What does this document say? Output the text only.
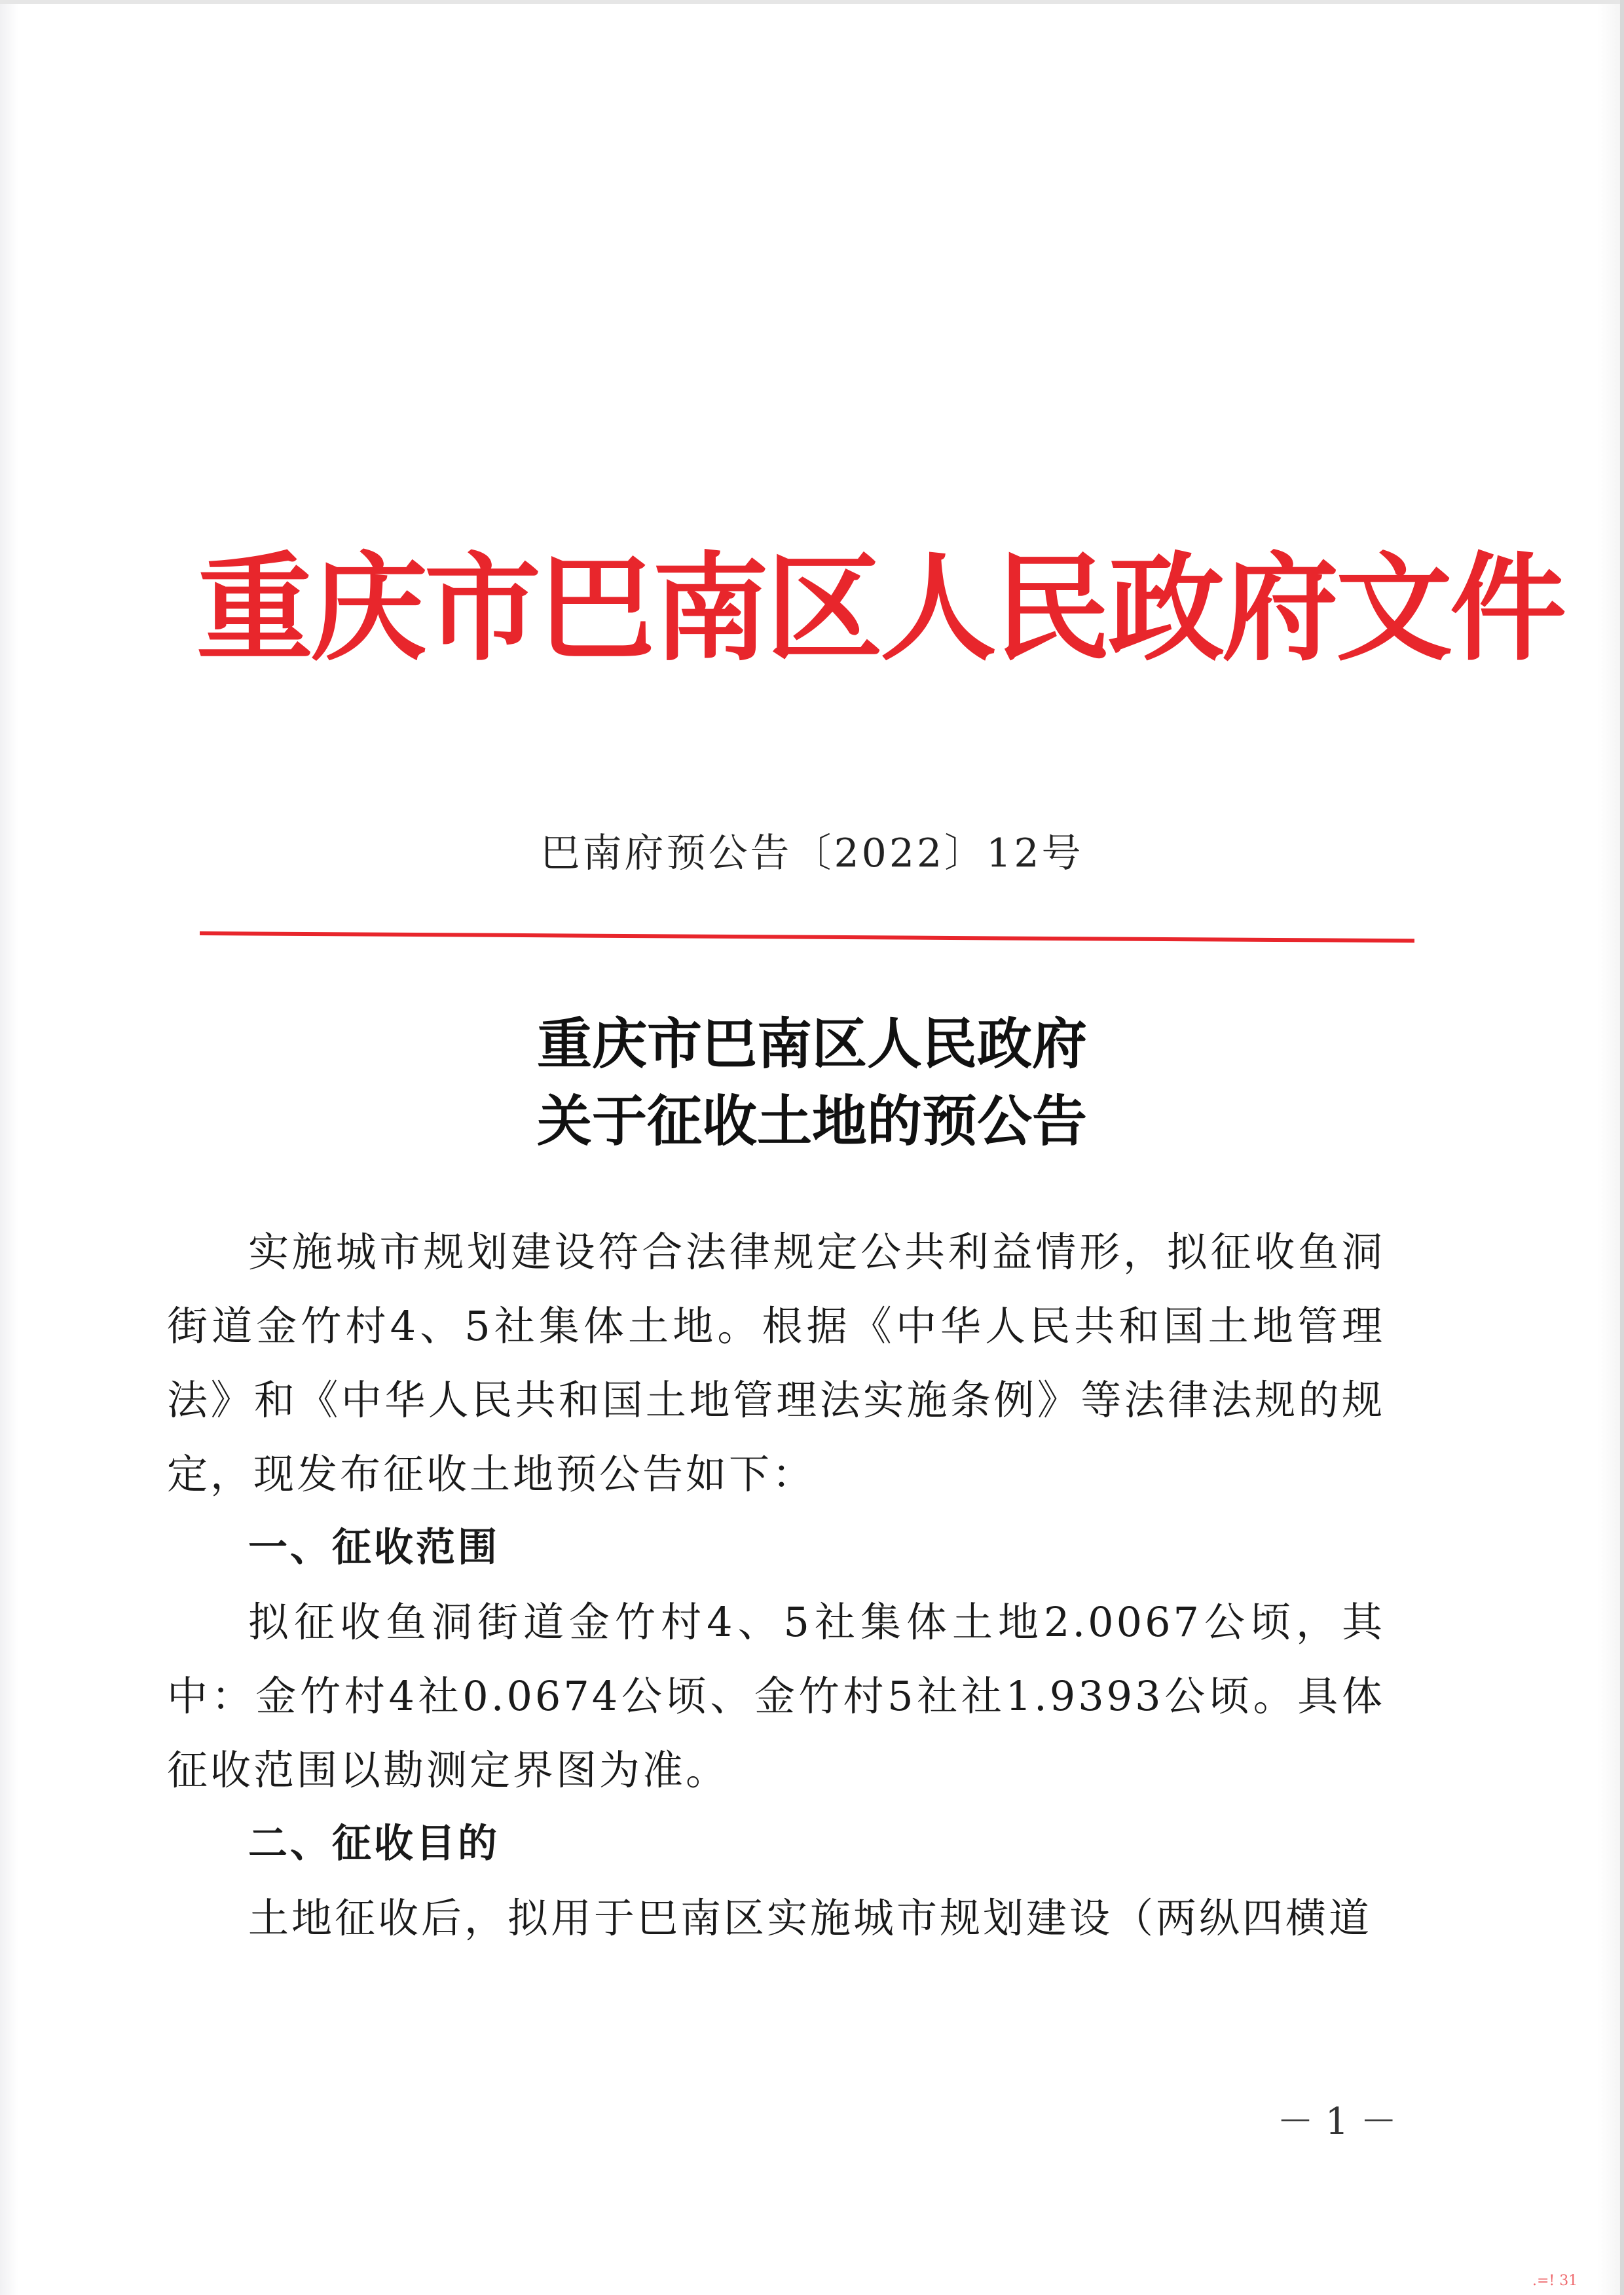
重庆市巴南区人民政府文件
巴南府预公告〔2022〕12号
重庆市巴南区人民政府
关于征收土地的预公告

实施城市规划建设符合法律规定公共利益情形，拟征收鱼洞街道金竹村4、5社集体土地。根据《中华人民共和国土地管理法》和《中华人民共和国土地管理法实施条例》等法律法规的规定，现发布征收土地预公告如下：

一、征收范围

拟征收鱼洞街道金竹村4、5社集体土地2.0067公顷，其中：金竹村4社0.0674公顷、金竹村5社社1.9393公顷。具体征收范围以勘测定界图为准。

二、征收目的

土地征收后，拟用于巴南区实施城市规划建设（两纵四横道

－ 1 －
.=! 31
